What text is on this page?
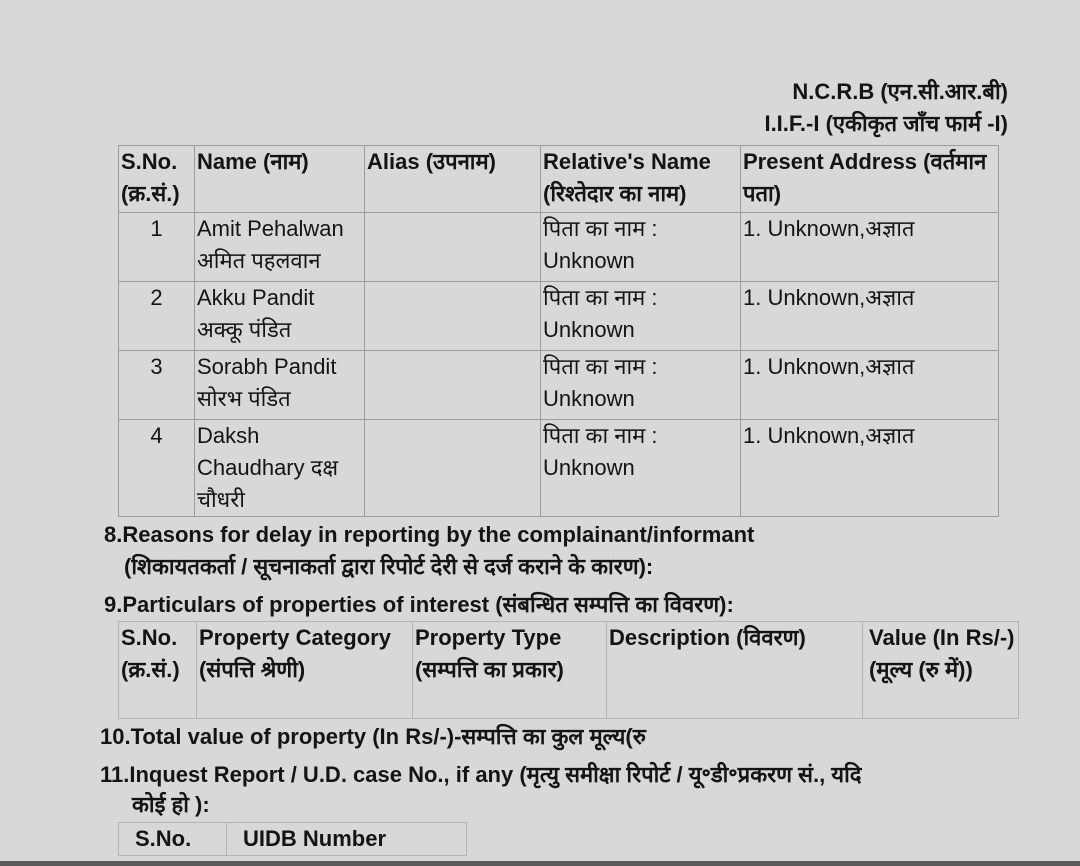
N.C.R.B (एन.सी.आर.बी)
I.I.F.-I (एकीकृत जाँच फार्म -I)
S.No. (क्र.सं.)	Name (नाम)	Alias (उपनाम)	Relative's Name (रिश्तेदार का नाम)	Present Address (वर्तमान पता)
1	Amit Pehalwan अमित पहलवान		पिता का नाम : Unknown	1. Unknown,अज्ञात
2	Akku Pandit अक्कू पंडित		पिता का नाम : Unknown	1. Unknown,अज्ञात
3	Sorabh Pandit सोरभ पंडित		पिता का नाम : Unknown	1. Unknown,अज्ञात
4	Daksh Chaudhary दक्ष चौधरी		पिता का नाम : Unknown	1. Unknown,अज्ञात
8.Reasons for delay in reporting by the complainant/informant
(शिकायतकर्ता / सूचनाकर्ता द्वारा रिपोर्ट देरी से दर्ज कराने के कारण):
9.Particulars of properties of interest (संबन्धित सम्पत्ति का विवरण):
S.No. (क्र.सं.)	Property Category (संपत्ति श्रेणी)	Property Type (सम्पत्ति का प्रकार)	Description (विवरण)	Value (In Rs/-) (मूल्य (रु में))
10.Total value of property (In Rs/-)-सम्पत्ति का कुल मूल्य(रु
11.Inquest Report / U.D. case No., if any (मृत्यु समीक्षा रिपोर्ट / यू॰डी॰प्रकरण सं., यदि
कोई हो ):
S.No.	UIDB Number
